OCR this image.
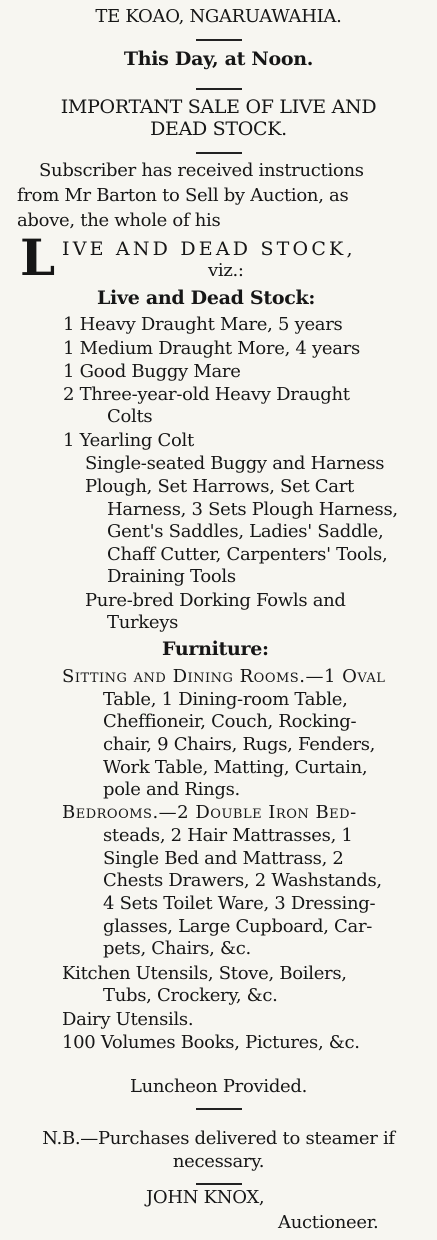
TE KOAO, NGARUAWAHIA.
This Day, at Noon.
IMPORTANT SALE OF LIVE AND
DEAD STOCK.
Subscriber has received instructions
from Mr Barton to Sell by Auction, as
above, the whole of his
L IVE AND DEAD STOCK,
viz.:
Live and Dead Stock:
1 Heavy Draught Mare, 5 years
1 Medium Draught More, 4 years
1 Good Buggy Mare
2 Three-year-old Heavy Draught
Colts
1 Yearling Colt
Single-seated Buggy and Harness
Plough, Set Harrows, Set Cart
Harness, 3 Sets Plough Harness,
Gent's Saddles, Ladies' Saddle,
Chaff Cutter, Carpenters' Tools,
Draining Tools
Pure-bred Dorking Fowls and
Turkeys
Furniture:
Sitting and Dining Rooms.—1 Oval
Table, 1 Dining-room Table,
Cheffioneir, Couch, Rocking-
chair, 9 Chairs, Rugs, Fenders,
Work Table, Matting, Curtain,
pole and Rings.
Bedrooms.—2 Double Iron Bed-
steads, 2 Hair Mattrasses, 1
Single Bed and Mattrass, 2
Chests Drawers, 2 Washstands,
4 Sets Toilet Ware, 3 Dressing-
glasses, Large Cupboard, Car-
pets, Chairs, &c.
Kitchen Utensils, Stove, Boilers,
Tubs, Crockery, &c.
Dairy Utensils.
100 Volumes Books, Pictures, &c.
Luncheon Provided.
N.B.—Purchases delivered to steamer if
necessary.
JOHN KNOX,
Auctioneer.
